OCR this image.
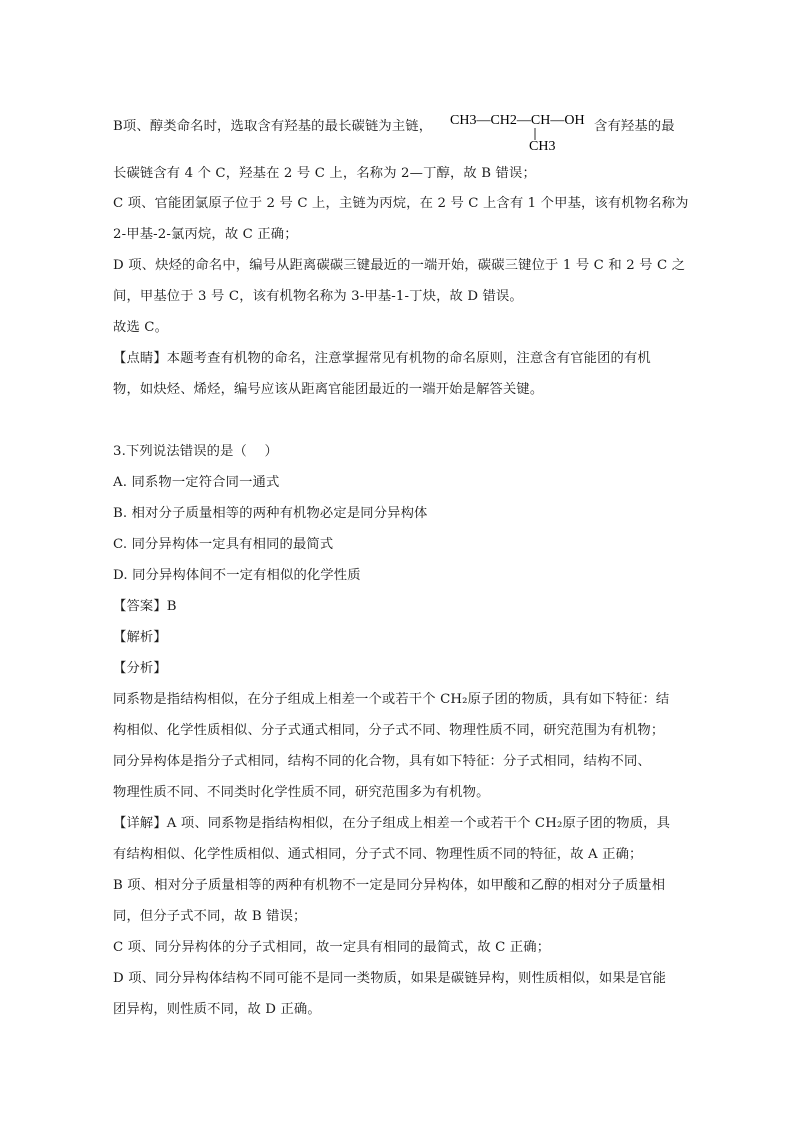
B项、醇类命名时，选取含有羟基的最长碳链为主链，	CH3—CH2—CH—OH
CH3
含有羟基的最
长碳链含有 4 个 C，羟基在 2 号 C 上，名称为 2—丁醇，故 B 错误；
C 项、官能团氯原子位于 2 号 C 上，主链为丙烷，在 2 号 C 上含有 1 个甲基，该有机物名称为
2-甲基-2-氯丙烷，故 C 正确；
D 项、炔烃的命名中，编号从距离碳碳三键最近的一端开始，碳碳三键位于 1 号 C 和 2 号 C 之
间，甲基位于 3 号 C，该有机物名称为 3-甲基-1-丁炔，故 D 错误。
故选 C。
【点睛】本题考查有机物的命名，注意掌握常见有机物的命名原则，注意含有官能团的有机
物，如炔烃、烯烃，编号应该从距离官能团最近的一端开始是解答关键。
3.下列说法错误的是（    ）
A. 同系物一定符合同一通式
B. 相对分子质量相等的两种有机物必定是同分异构体
C. 同分异构体一定具有相同的最简式
D. 同分异构体间不一定有相似的化学性质
【答案】B
【解析】
【分析】
同系物是指结构相似，在分子组成上相差一个或若干个 CH₂原子团的物质，具有如下特征：结
构相似、化学性质相似、分子式通式相同，分子式不同、物理性质不同，研究范围为有机物；
同分异构体是指分子式相同，结构不同的化合物，具有如下特征：分子式相同，结构不同、
物理性质不同、不同类时化学性质不同，研究范围多为有机物。
【详解】A 项、同系物是指结构相似，在分子组成上相差一个或若干个 CH₂原子团的物质，具
有结构相似、化学性质相似、通式相同，分子式不同、物理性质不同的特征，故 A 正确；
B 项、相对分子质量相等的两种有机物不一定是同分异构体，如甲酸和乙醇的相对分子质量相
同，但分子式不同，故 B 错误；
C 项、同分异构体的分子式相同，故一定具有相同的最简式，故 C 正确；
D 项、同分异构体结构不同可能不是同一类物质，如果是碳链异构，则性质相似，如果是官能
团异构，则性质不同，故 D 正确。
